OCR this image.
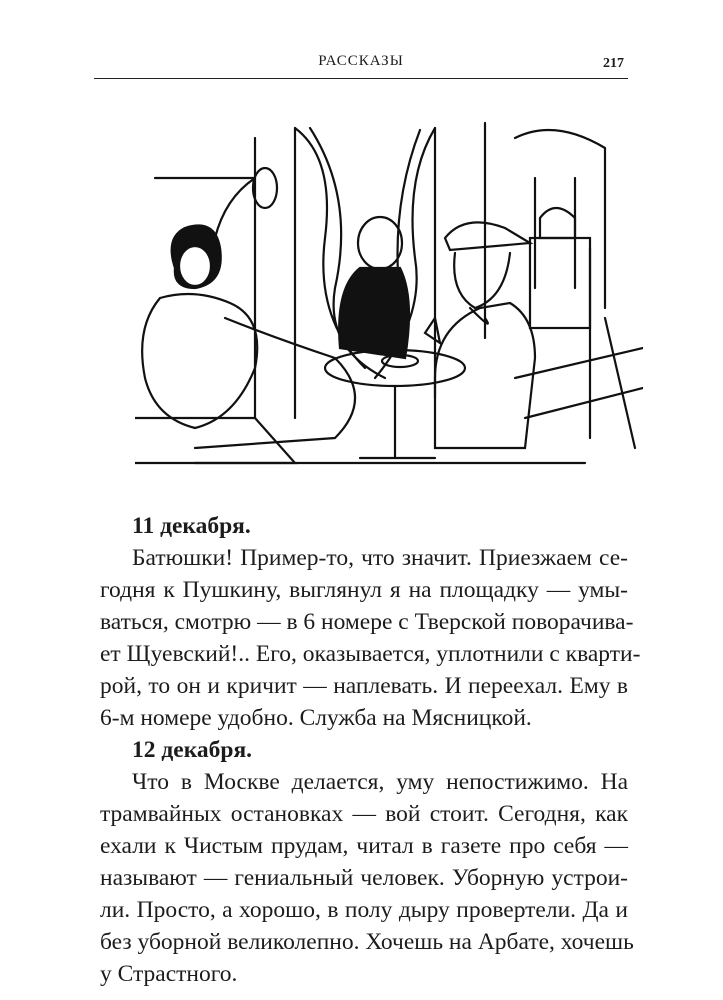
РАССКАЗЫ	217
11 декабря.
Батюшки! Пример-то, что значит. Приезжаем се-
годня к Пушкину, выглянул я на площадку — умы-
ваться, смотрю — в 6 номере с Тверской поворачива-
ет Щуевский!.. Его, оказывается, уплотнили с кварти-
рой, то он и кричит — наплевать. И переехал. Ему в
6-м номере удобно. Служба на Мясницкой.
12 декабря.
Что в Москве делается, уму непостижимо. На
трамвайных остановках — вой стоит. Сегодня, как
ехали к Чистым прудам, читал в газете про себя —
называют — гениальный человек. Уборную устрои-
ли. Просто, а хорошо, в полу дыру провертели. Да и
без уборной великолепно. Хочешь на Арбате, хочешь
у Страстного.
